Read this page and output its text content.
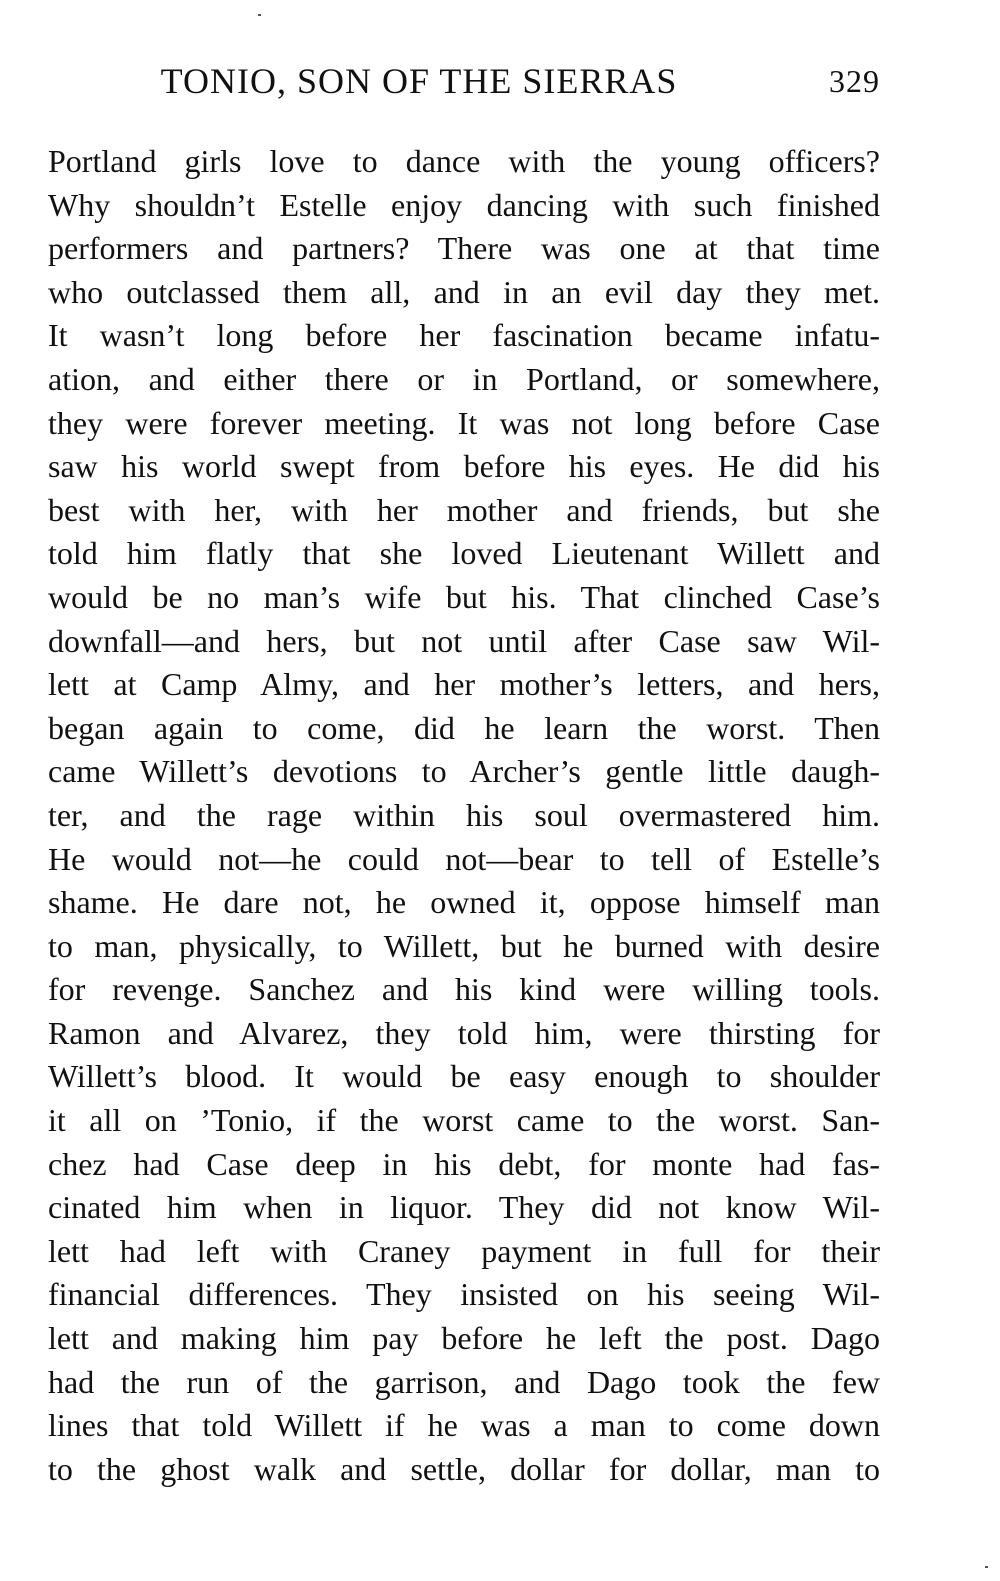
TONIO, SON OF THE SIERRAS	329
Portland girls love to dance with the young officers?
Why shouldn’t Estelle enjoy dancing with such finished
performers and partners? There was one at that time
who outclassed them all, and in an evil day they met.
It wasn’t long before her fascination became infatu-
ation, and either there or in Portland, or somewhere,
they were forever meeting. It was not long before Case
saw his world swept from before his eyes. He did his
best with her, with her mother and friends, but she
told him flatly that she loved Lieutenant Willett and
would be no man’s wife but his. That clinched Case’s
downfall—and hers, but not until after Case saw Wil-
lett at Camp Almy, and her mother’s letters, and hers,
began again to come, did he learn the worst. Then
came Willett’s devotions to Archer’s gentle little daugh-
ter, and the rage within his soul overmastered him.
He would not—he could not—bear to tell of Estelle’s
shame. He dare not, he owned it, oppose himself man
to man, physically, to Willett, but he burned with desire
for revenge. Sanchez and his kind were willing tools.
Ramon and Alvarez, they told him, were thirsting for
Willett’s blood. It would be easy enough to shoulder
it all on ’Tonio, if the worst came to the worst. San-
chez had Case deep in his debt, for monte had fas-
cinated him when in liquor. They did not know Wil-
lett had left with Craney payment in full for their
financial differences. They insisted on his seeing Wil-
lett and making him pay before he left the post. Dago
had the run of the garrison, and Dago took the few
lines that told Willett if he was a man to come down
to the ghost walk and settle, dollar for dollar, man to
